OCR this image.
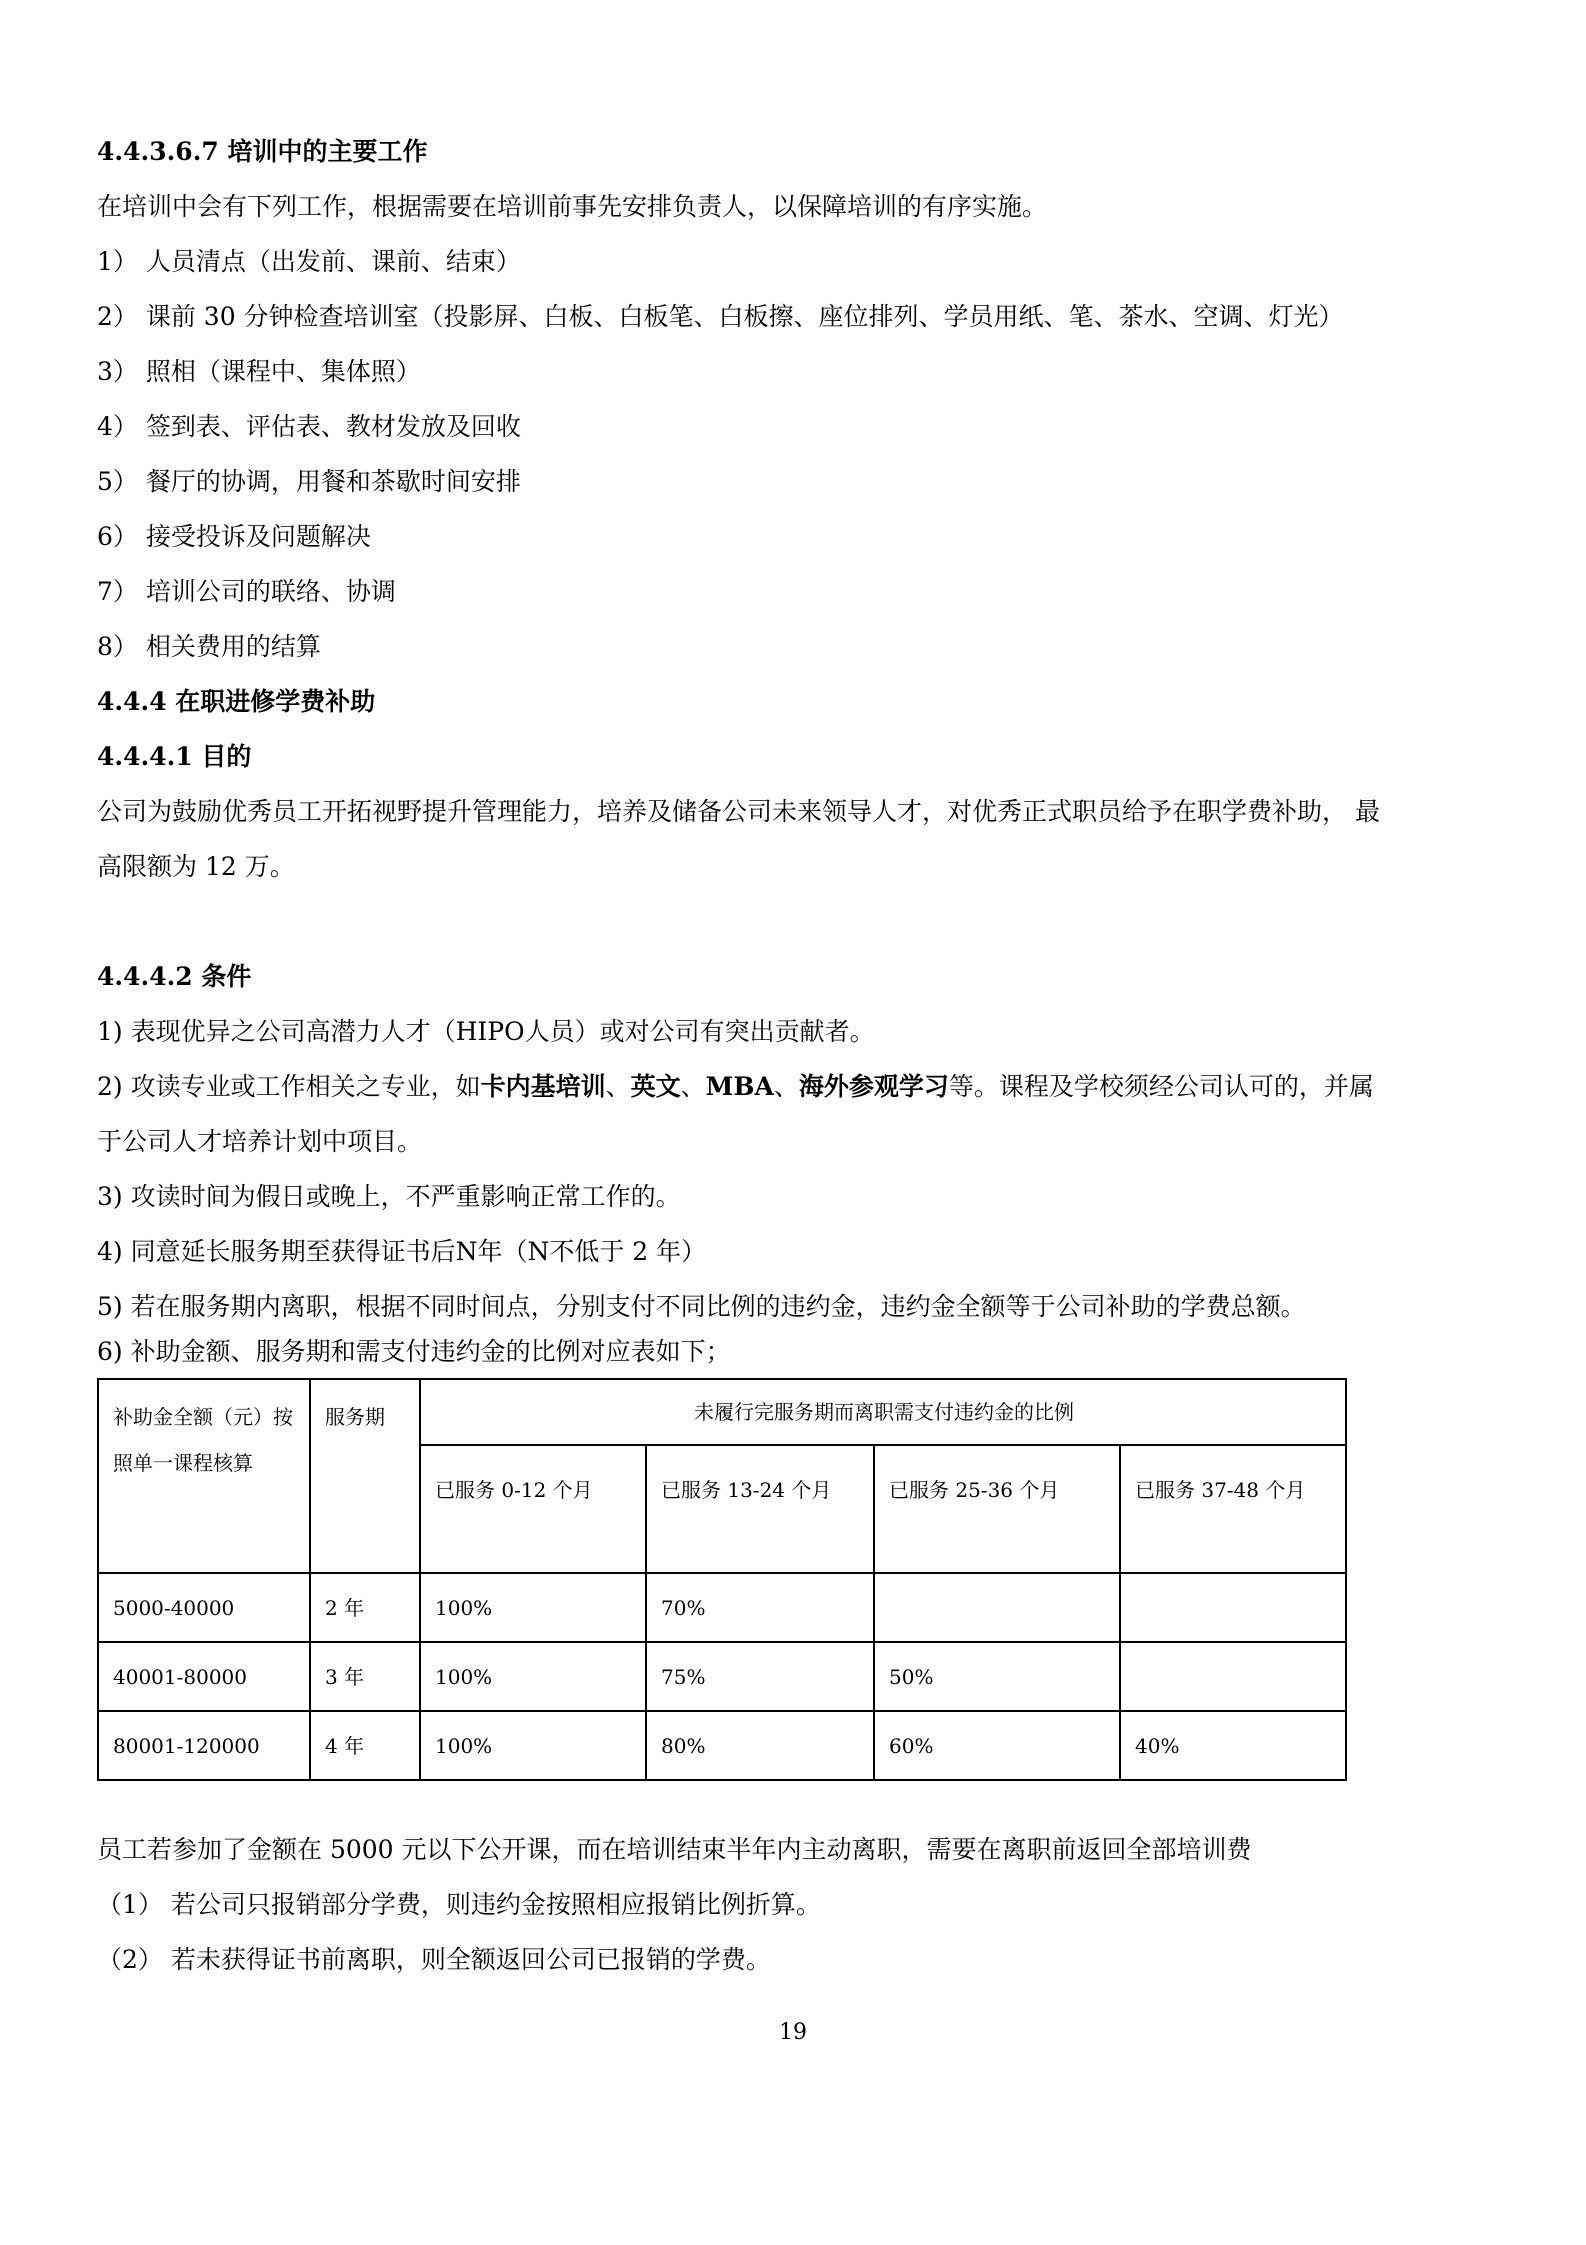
4.4.3.6.7 培训中的主要工作
在培训中会有下列工作，根据需要在培训前事先安排负责人，以保障培训的有序实施。
1） 人员清点（出发前、课前、结束）
2） 课前 30 分钟检查培训室（投影屏、白板、白板笔、白板擦、座位排列、学员用纸、笔、茶水、空调、灯光）
3） 照相（课程中、集体照）
4） 签到表、评估表、教材发放及回收
5） 餐厅的协调，用餐和茶歇时间安排
6） 接受投诉及问题解决
7） 培训公司的联络、协调
8） 相关费用的结算
4.4.4 在职进修学费补助
4.4.4.1 目的
公司为鼓励优秀员工开拓视野提升管理能力，培养及储备公司未来领导人才，对优秀正式职员给予在职学费补助， 最
高限额为 12 万。
4.4.4.2 条件
1) 表现优异之公司高潜力人才（HIPO人员）或对公司有突出贡献者。
2) 攻读专业或工作相关之专业，如卡内基培训、英文、MBA、海外参观学习等。课程及学校须经公司认可的，并属
于公司人才培养计划中项目。
3) 攻读时间为假日或晚上，不严重影响正常工作的。
4) 同意延长服务期至获得证书后N年（N不低于 2 年）
5) 若在服务期内离职，根据不同时间点，分别支付不同比例的违约金，违约金全额等于公司补助的学费总额。
6) 补助金额、服务期和需支付违约金的比例对应表如下；
补助金全额（元）按照单一课程核算	服务期	未履行完服务期而离职需支付违约金的比例			
		已服务 0-12 个月	已服务 13-24 个月	已服务 25-36 个月	已服务 37-48 个月
5000-40000	2 年	100%	70%		
40001-80000	3 年	100%	75%	50%	
80001-120000	4 年	100%	80%	60%	40%
员工若参加了金额在 5000 元以下公开课，而在培训结束半年内主动离职，需要在离职前返回全部培训费
（1） 若公司只报销部分学费，则违约金按照相应报销比例折算。
（2） 若未获得证书前离职，则全额返回公司已报销的学费。
19
